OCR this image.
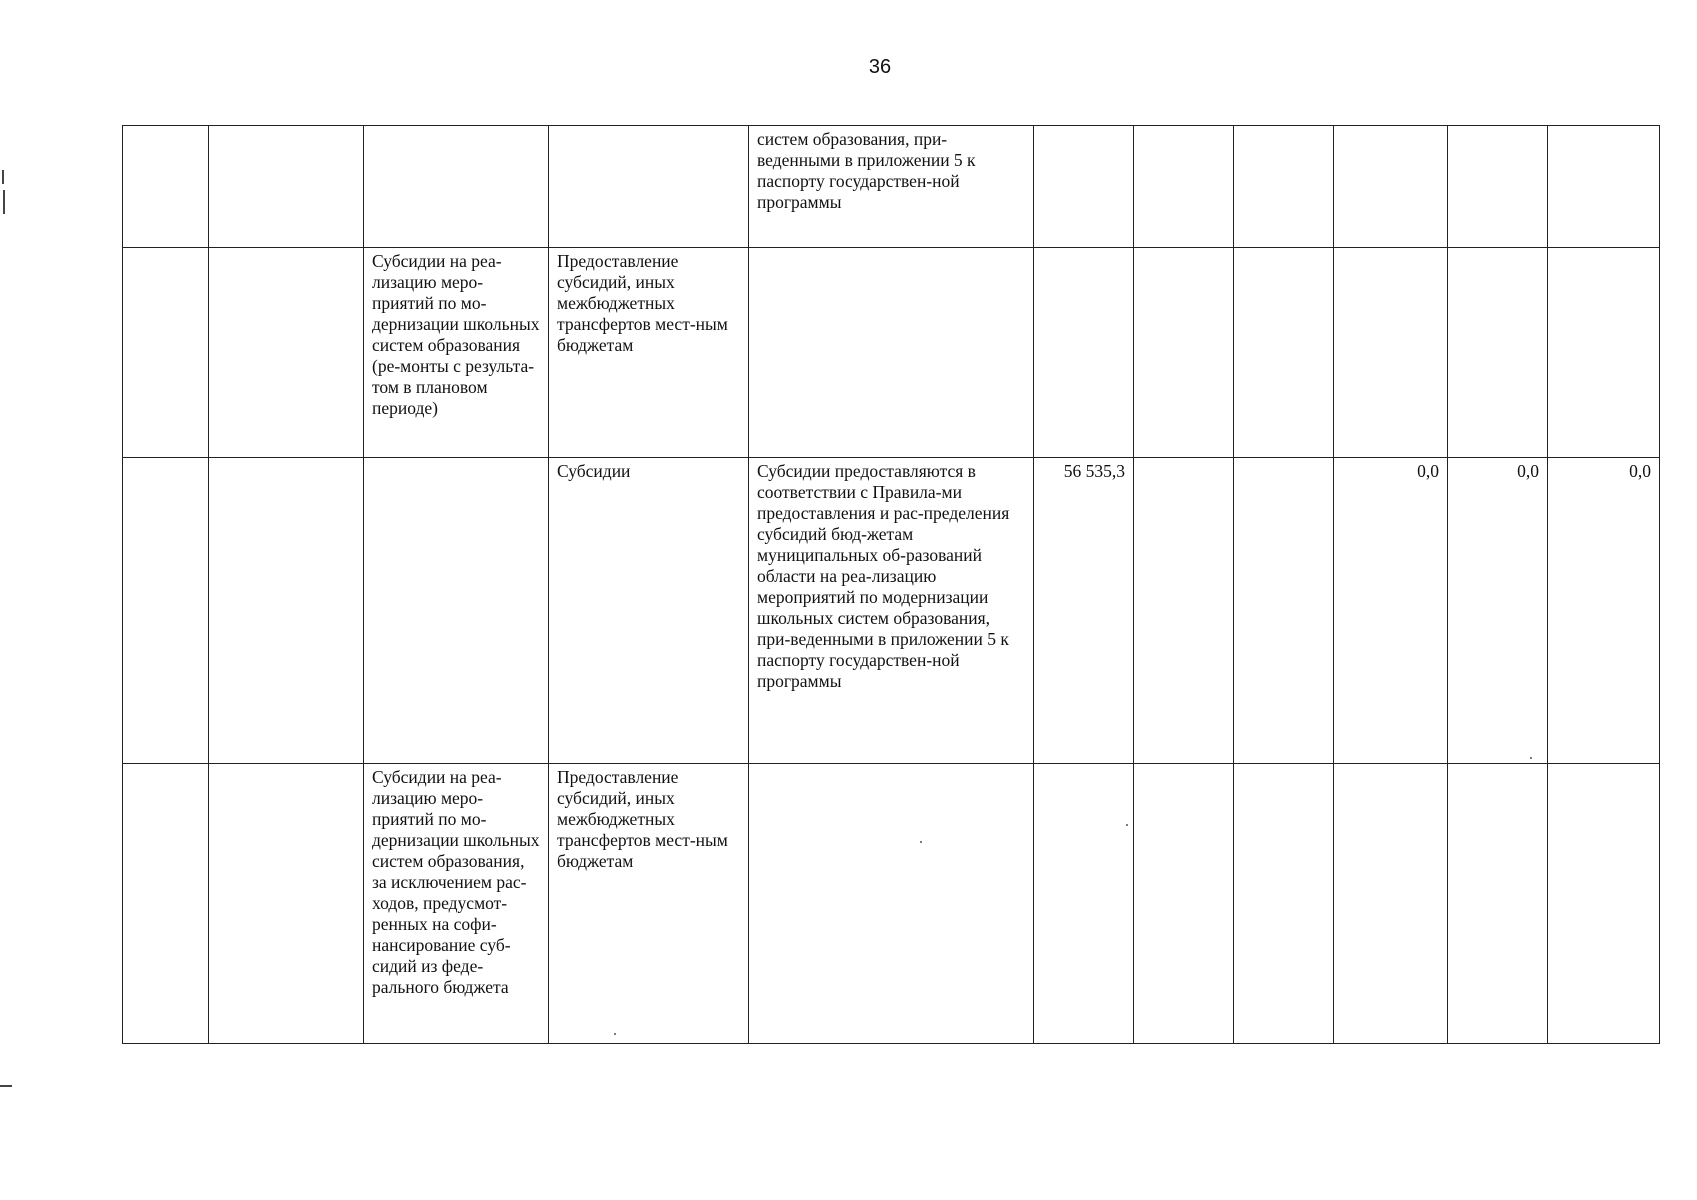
36
				систем образования, при-веденными в приложении 5 к паспорту государствен-ной программы						
		Субсидии на реа-лизацию меро-приятий по мо-дернизации школьных систем образования (ре-монты с результа-том в плановом периоде)	Предоставление субсидий, иных межбюджетных трансфертов мест-ным бюджетам							
			Субсидии	Субсидии предоставляются в соответствии с Правила-ми предоставления и рас-пределения субсидий бюд-жетам муниципальных об-разований области на реа-лизацию мероприятий по модернизации школьных систем образования, при-веденными в приложении 5 к паспорту государствен-ной программы	56 535,3			0,0	0,0	0,0
		Субсидии на реа-лизацию меро-приятий по мо-дернизации школьных систем образования, за исключением рас-ходов, предусмот-ренных на софи-нансирование суб-сидий из феде-рального бюджета	Предоставление субсидий, иных межбюджетных трансфертов мест-ным бюджетам							
